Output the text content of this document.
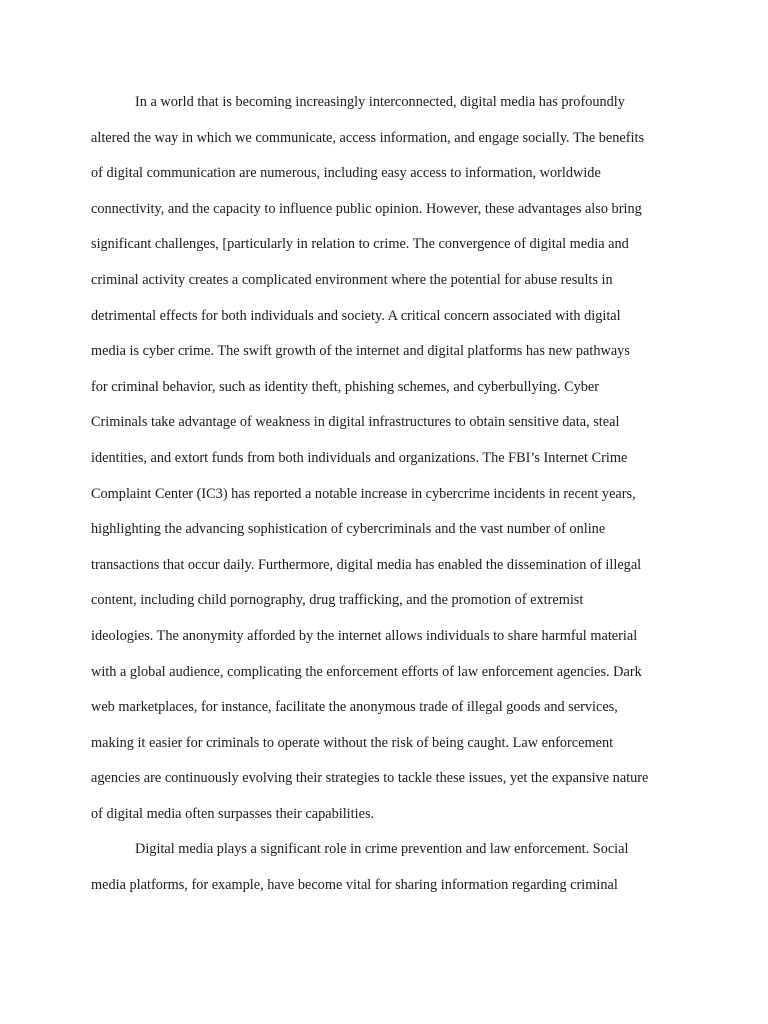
In a world that is becoming increasingly interconnected, digital media has profoundly
altered the way in which we communicate, access information, and engage socially. The benefits
of digital communication are numerous, including easy access to information, worldwide
connectivity, and the capacity to influence public opinion. However, these advantages also bring
significant challenges, [particularly in relation to crime. The convergence of digital media and
criminal activity creates a complicated environment where the potential for abuse results in
detrimental effects for both individuals and society. A critical concern associated with digital
media is cyber crime. The swift growth of the internet and digital platforms has new pathways
for criminal behavior, such as identity theft, phishing schemes, and cyberbullying. Cyber
Criminals take advantage of weakness in digital infrastructures to obtain sensitive data, steal
identities, and extort funds from both individuals and organizations. The FBI’s Internet Crime
Complaint Center (IC3) has reported a notable increase in cybercrime incidents in recent years,
highlighting the advancing sophistication of cybercriminals and the vast number of online
transactions that occur daily. Furthermore, digital media has enabled the dissemination of illegal
content, including child pornography, drug trafficking, and the promotion of extremist
ideologies. The anonymity afforded by the internet allows individuals to share harmful material
with a global audience, complicating the enforcement efforts of law enforcement agencies. Dark
web marketplaces, for instance, facilitate the anonymous trade of illegal goods and services,
making it easier for criminals to operate without the risk of being caught. Law enforcement
agencies are continuously evolving their strategies to tackle these issues, yet the expansive nature
of digital media often surpasses their capabilities.
Digital media plays a significant role in crime prevention and law enforcement. Social
media platforms, for example, have become vital for sharing information regarding criminal
